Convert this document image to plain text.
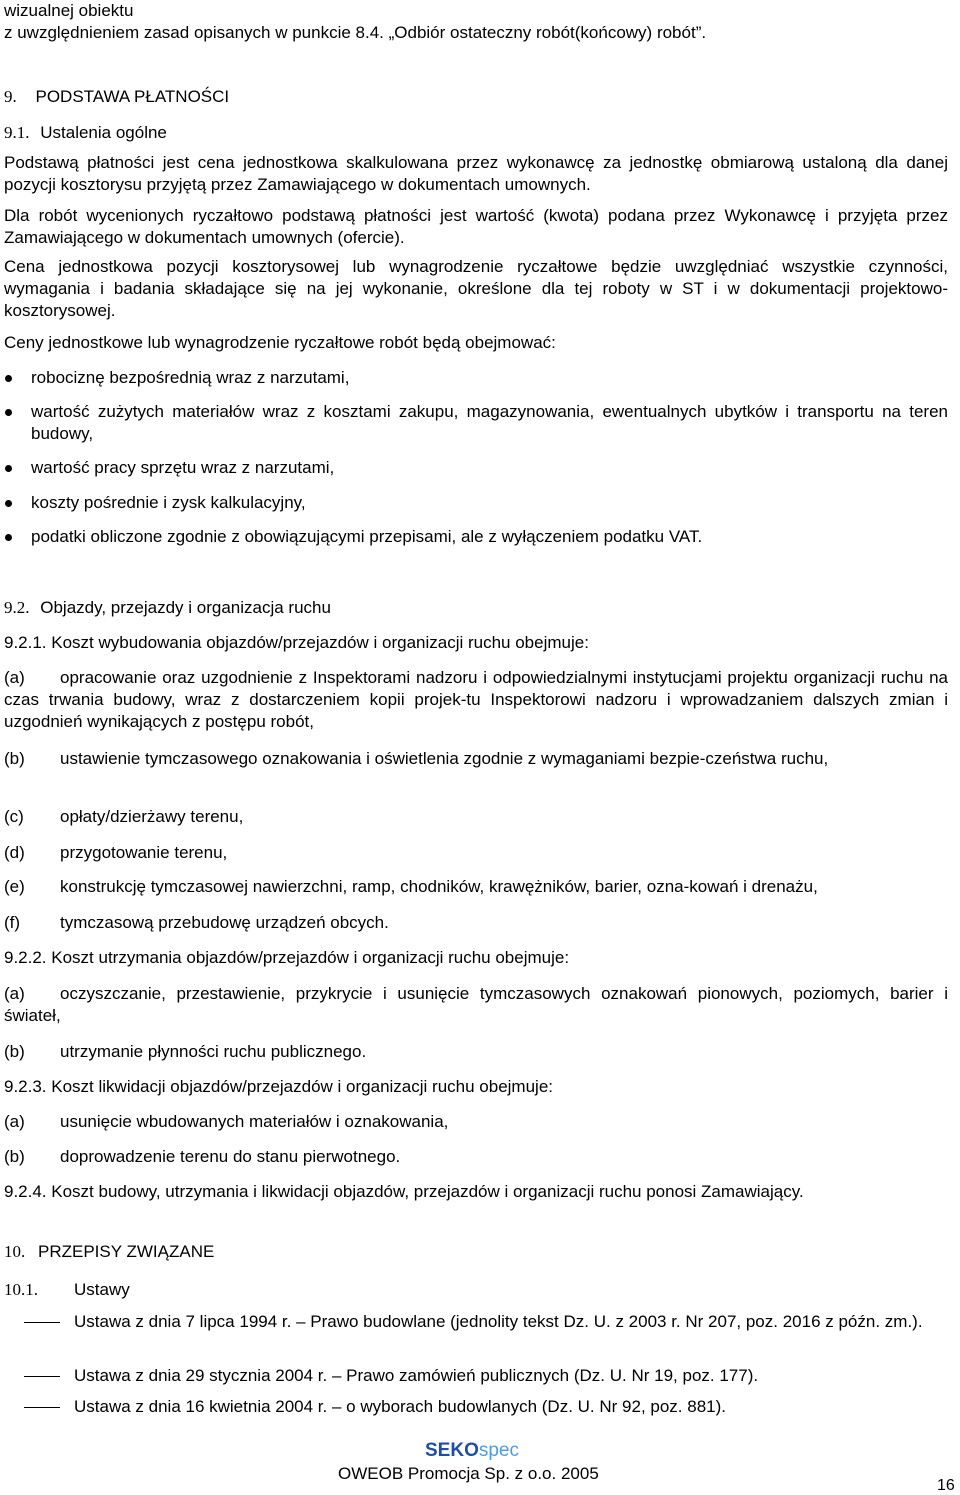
wizualnej obiektu
z uwzględnieniem zasad opisanych w punkcie 8.4. „Odbiór ostateczny robót(końcowy) robót”.
9. PODSTAWA PŁATNOŚCI
9.1. Ustalenia ogólne
Podstawą płatności jest cena jednostkowa skalkulowana przez wykonawcę za jednostkę obmiarową ustaloną dla danej pozycji kosztorysu przyjętą przez Zamawiającego w dokumentach umownych.
Dla robót wycenionych ryczałtowo podstawą płatności jest wartość (kwota) podana przez Wykonawcę i przyjęta przez Zamawiającego w dokumentach umownych (ofercie).
Cena jednostkowa pozycji kosztorysowej lub wynagrodzenie ryczałtowe będzie uwzględniać wszystkie czynności, wymagania i badania składające się na jej wykonanie, określone dla tej roboty w ST i w dokumentacji projektowo-kosztorysowej.
Ceny jednostkowe lub wynagrodzenie ryczałtowe robót będą obejmować:
robociznę bezpośrednią wraz z narzutami,
wartość zużytych materiałów wraz z kosztami zakupu, magazynowania, ewentualnych ubytków i transportu na teren budowy,
wartość pracy sprzętu wraz z narzutami,
koszty pośrednie i zysk kalkulacyjny,
podatki obliczone zgodnie z obowiązującymi przepisami, ale z wyłączeniem podatku VAT.
9.2. Objazdy, przejazdy i organizacja ruchu
9.2.1. Koszt wybudowania objazdów/przejazdów i organizacji ruchu obejmuje:
(a)	opracowanie oraz uzgodnienie z Inspektorami nadzoru i odpowiedzialnymi instytucjami projektu organizacji ruchu na czas trwania budowy, wraz z dostarczeniem kopii projek-tu Inspektorowi nadzoru i wprowadzaniem dalszych zmian i uzgodnień wynikających z postępu robót,
(b)	ustawienie tymczasowego oznakowania i oświetlenia zgodnie z wymaganiami bezpie-czeństwa ruchu,
(c) opłaty/dzierżawy terenu,
(d) przygotowanie terenu,
(e) konstrukcję tymczasowej nawierzchni, ramp, chodników, krawężników, barier, ozna-kowań i drenażu,
(f) tymczasową przebudowę urządzeń obcych.
9.2.2. Koszt utrzymania objazdów/przejazdów i organizacji ruchu obejmuje:
(a)	oczyszczanie, przestawienie, przykrycie i usunięcie tymczasowych oznakowań pionowych, poziomych, barier i świateł,
(b) utrzymanie płynności ruchu publicznego.
9.2.3. Koszt likwidacji objazdów/przejazdów i organizacji ruchu obejmuje:
(a) usunięcie wbudowanych materiałów i oznakowania,
(b) doprowadzenie terenu do stanu pierwotnego.
9.2.4. Koszt budowy, utrzymania i likwidacji objazdów, przejazdów i organizacji ruchu ponosi Zamawiający.
10. PRZEPISY ZWIĄZANE
10.1. Ustawy
Ustawa z dnia 7 lipca 1994 r. – Prawo budowlane (jednolity tekst Dz. U. z 2003 r. Nr 207, poz. 2016 z późn. zm.).
Ustawa z dnia 29 stycznia 2004 r. – Prawo zamówień publicznych (Dz. U. Nr 19, poz. 177).
Ustawa z dnia 16 kwietnia 2004 r. – o wyborach budowlanych (Dz. U. Nr 92, poz. 881).
SEKOspec
OWEOB Promocja Sp. z o.o. 2005
16
